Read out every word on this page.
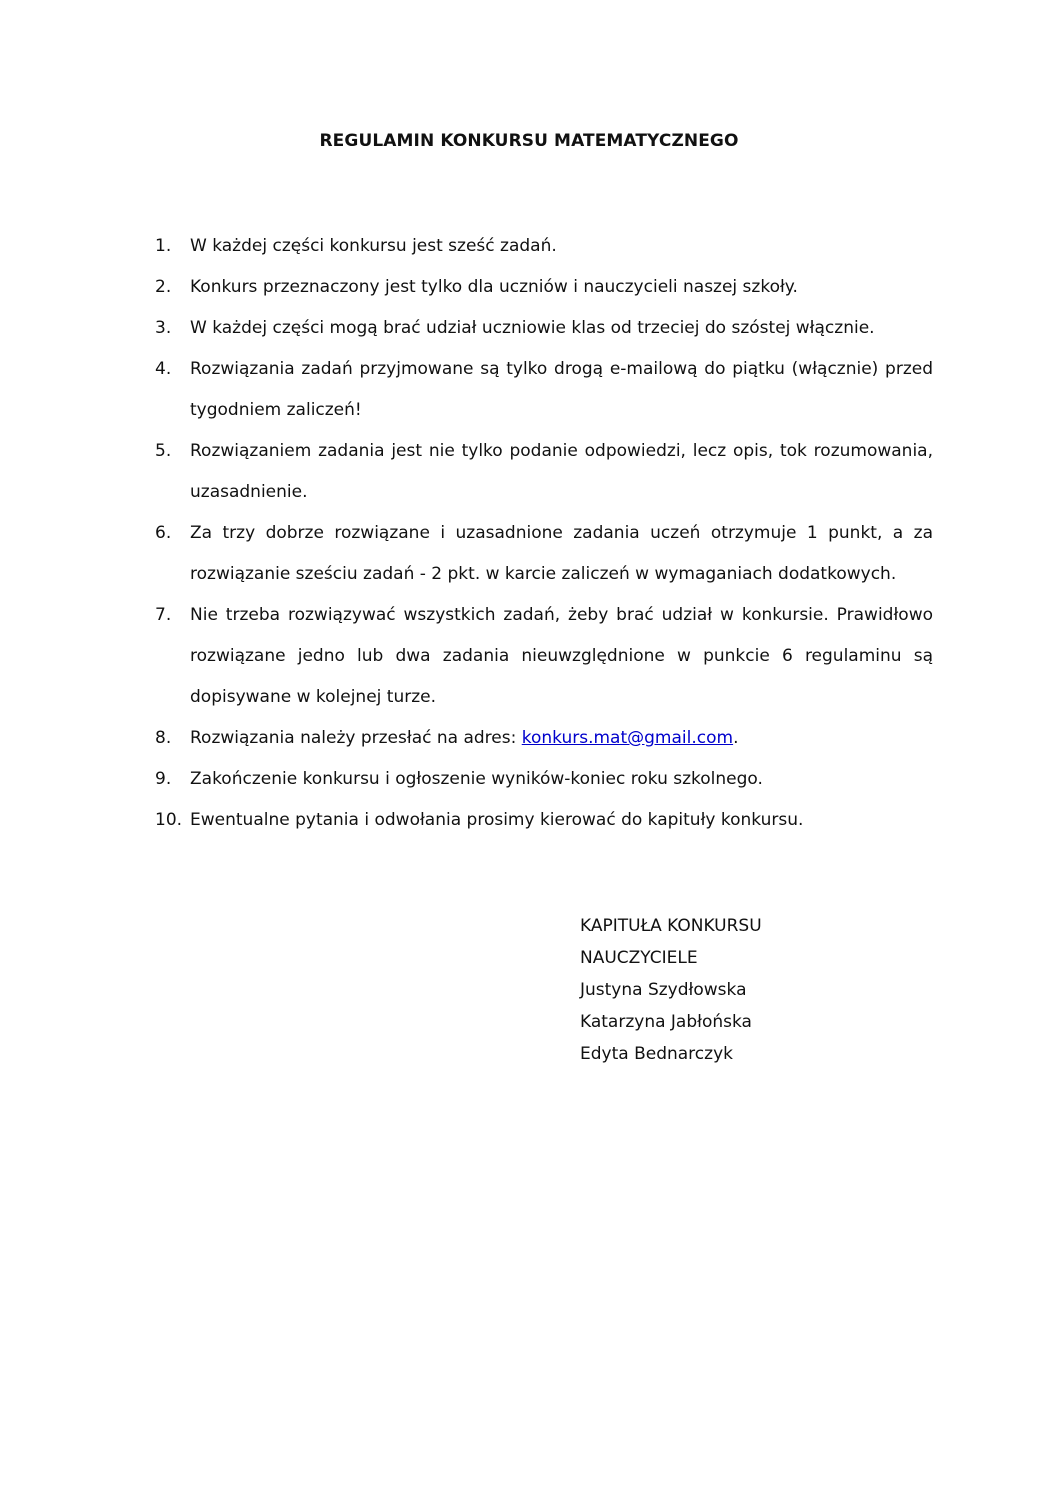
REGULAMIN KONKURSU MATEMATYCZNEGO
1. W każdej części konkursu jest sześć zadań.
2. Konkurs przeznaczony jest tylko dla uczniów i nauczycieli naszej szkoły.
3. W każdej części mogą brać udział uczniowie klas od trzeciej do szóstej włącznie.
4. Rozwiązania zadań przyjmowane są tylko drogą e-mailową do piątku (włącznie) przed tygodniem zaliczeń!
5. Rozwiązaniem zadania jest nie tylko podanie odpowiedzi, lecz opis, tok rozumowania, uzasadnienie.
6. Za trzy dobrze rozwiązane i uzasadnione zadania uczeń otrzymuje 1 punkt, a za rozwiązanie sześciu zadań - 2 pkt. w karcie zaliczeń w wymaganiach dodatkowych.
7. Nie trzeba rozwiązywać wszystkich zadań, żeby brać udział w konkursie. Prawidłowo rozwiązane jedno lub dwa zadania nieuwzględnione w punkcie 6 regulaminu są dopisywane w kolejnej turze.
8. Rozwiązania należy przesłać na adres: konkurs.mat@gmail.com.
9. Zakończenie konkursu i ogłoszenie wyników-koniec roku szkolnego.
10. Ewentualne pytania i odwołania prosimy kierować do kapituły konkursu.
KAPITUŁA KONKURSU
NAUCZYCIELE
Justyna Szydłowska
Katarzyna Jabłońska
Edyta Bednarczyk
